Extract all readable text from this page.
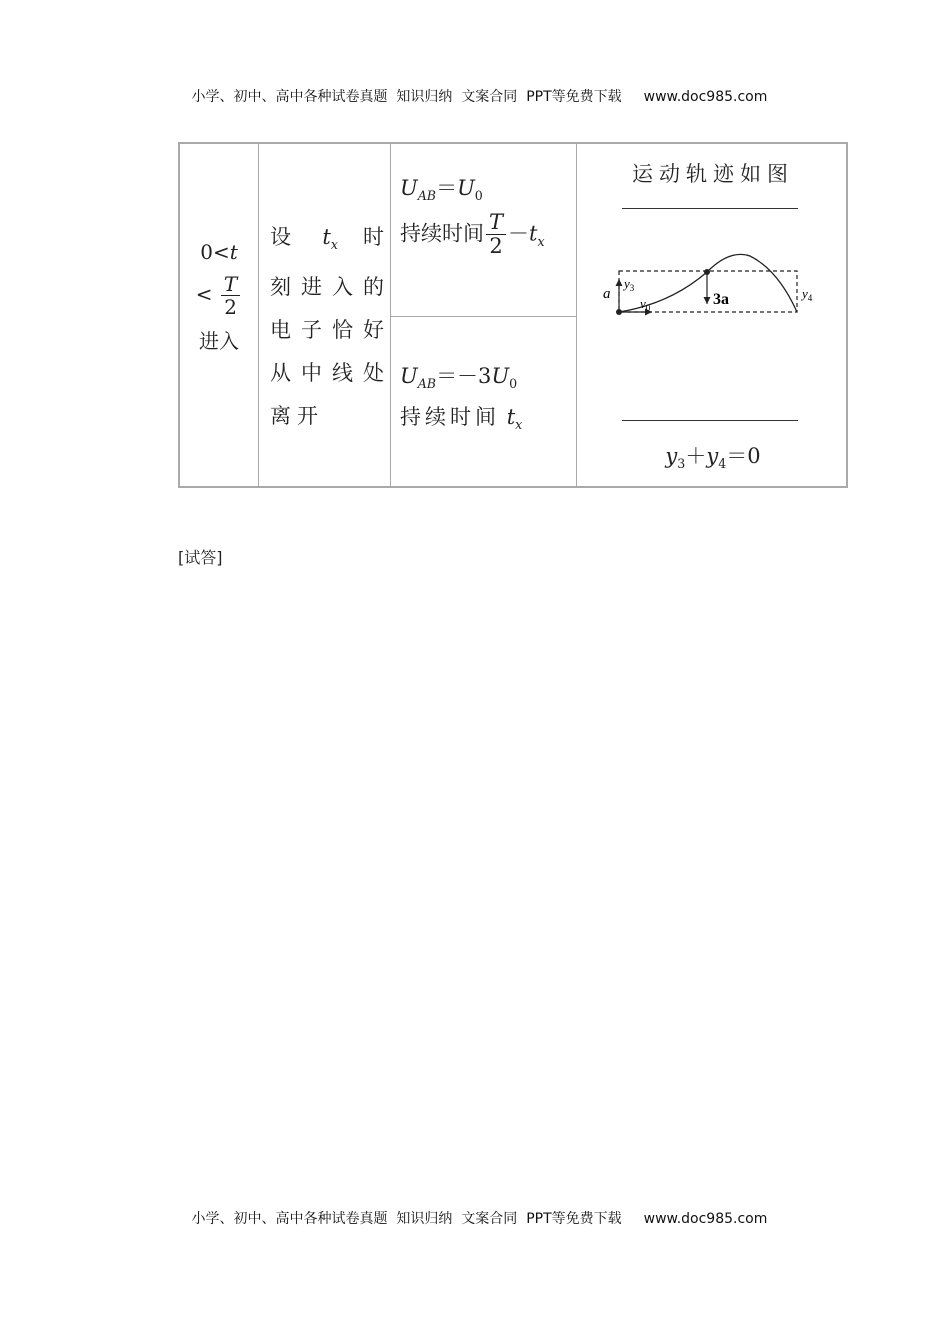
小学、初中、高中各种试卷真题  知识归纳  文案合同  PPT等免费下载 www.doc985.com

0<t
< $\frac{T}{2}$
进入
设 $t_x$ 时刻进入的电子恰好从中线处离开
$U_{AB}=U_0$
持续时间 $\frac{T}{2} -t_x$
$U_{AB}=-3U_0$
持续时间 $t_x$
运动轨迹如图
a
$y_3$
$v_0$	3a	$y_4$
$y_3+y_4=0$
[试答]

小学、初中、高中各种试卷真题  知识归纳  文案合同  PPT等免费下载 www.doc985.com
